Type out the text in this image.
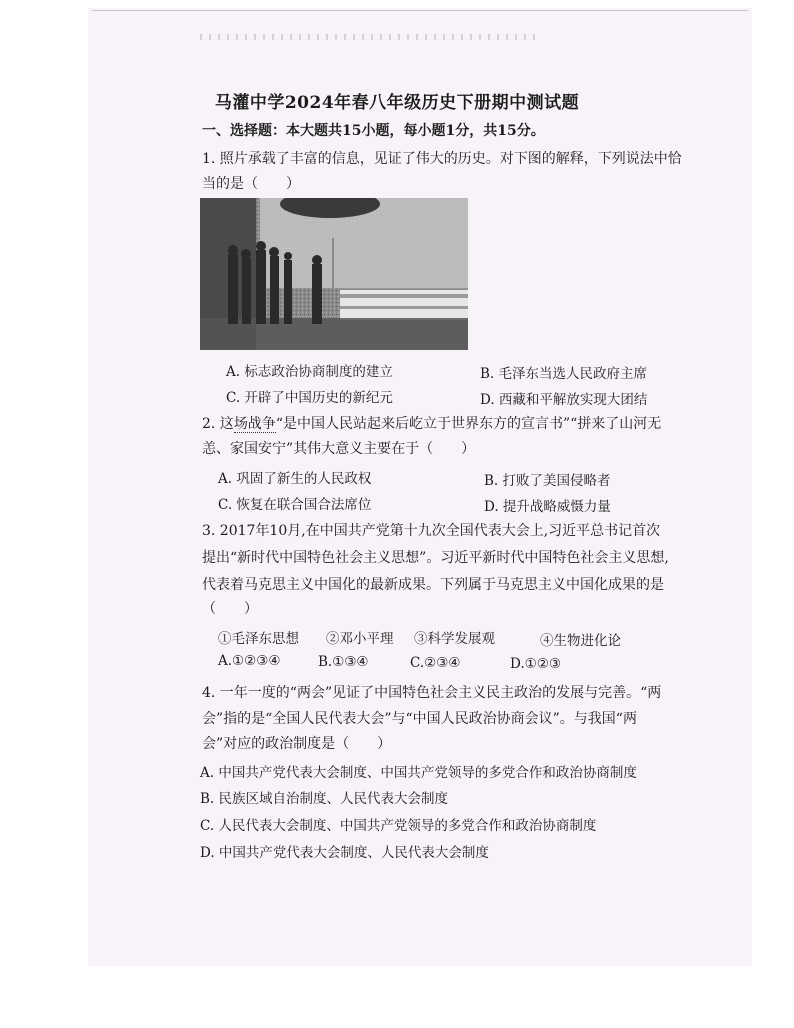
马灌中学2024年春八年级历史下册期中测试题
一、选择题：本大题共15小题，每小题1分，共15分。
1. 照片承载了丰富的信息，见证了伟大的历史。对下图的解释，下列说法中恰
当的是（　　）
A. 标志政治协商制度的建立	B. 毛泽东当选人民政府主席
C. 开辟了中国历史的新纪元	D. 西藏和平解放实现大团结
2. 这场战争“是中国人民站起来后屹立于世界东方的宣言书”“拼来了山河无
恙、家国安宁”其伟大意义主要在于（　　）
A. 巩固了新生的人民政权	B. 打败了美国侵略者
C. 恢复在联合国合法席位	D. 提升战略威慑力量
3. 2017年10月,在中国共产党第十九次全国代表大会上,习近平总书记首次
提出“新时代中国特色社会主义思想”。习近平新时代中国特色社会主义思想,
代表着马克思主义中国化的最新成果。下列属于马克思主义中国化成果的是
（　　）
①毛泽东思想 ②邓小平理 ③科学发展观	④生物进化论
A.①②③④	B.①③④	C.②③④	D.①②③
4. 一年一度的“两会”见证了中国特色社会主义民主政治的发展与完善。“两
会”指的是“全国人民代表大会”与“中国人民政治协商会议”。与我国“两
会”对应的政治制度是（　　）
A. 中国共产党代表大会制度、中国共产党领导的多党合作和政治协商制度
B. 民族区域自治制度、人民代表大会制度
C. 人民代表大会制度、中国共产党领导的多党合作和政治协商制度
D. 中国共产党代表大会制度、人民代表大会制度
